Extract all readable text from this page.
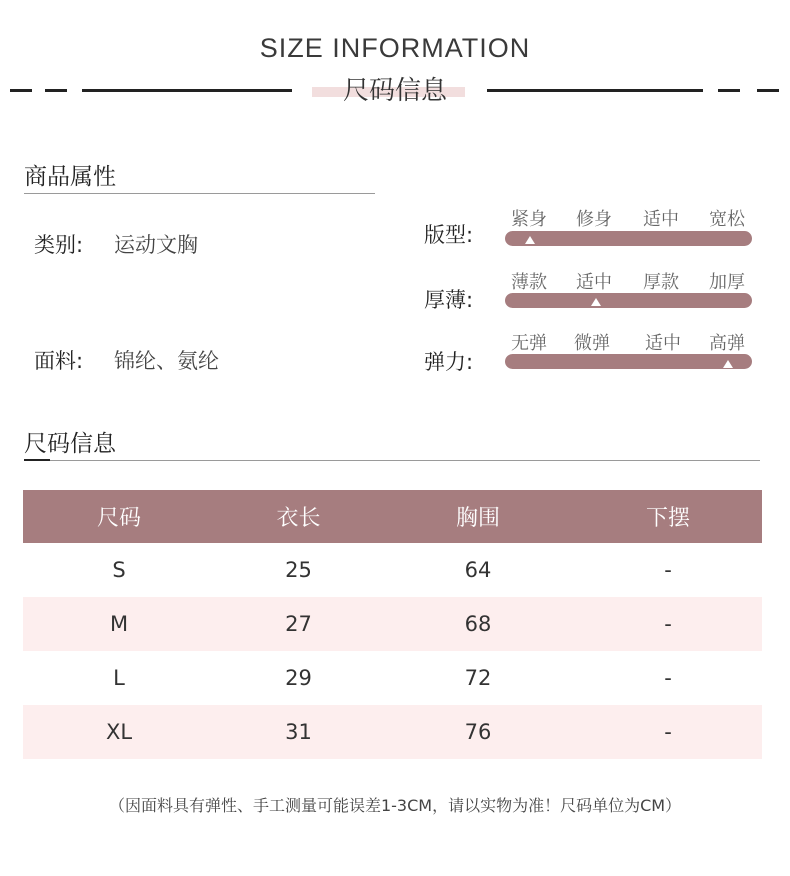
SIZE INFORMATION
尺码信息
商品属性
类别: 运动文胸
面料: 锦纶、氨纶
版型:
紧身 修身 适中 宽松
厚薄:
薄款 适中 厚款 加厚
弹力:
无弹 微弹 适中 高弹
尺码信息
尺码	衣长	胸围	下摆
S	25	64	-
M	27	68	-
L	29	72	-
XL	31	76	-
（因面料具有弹性、手工测量可能误差1-3CM，请以实物为准！尺码单位为CM）
